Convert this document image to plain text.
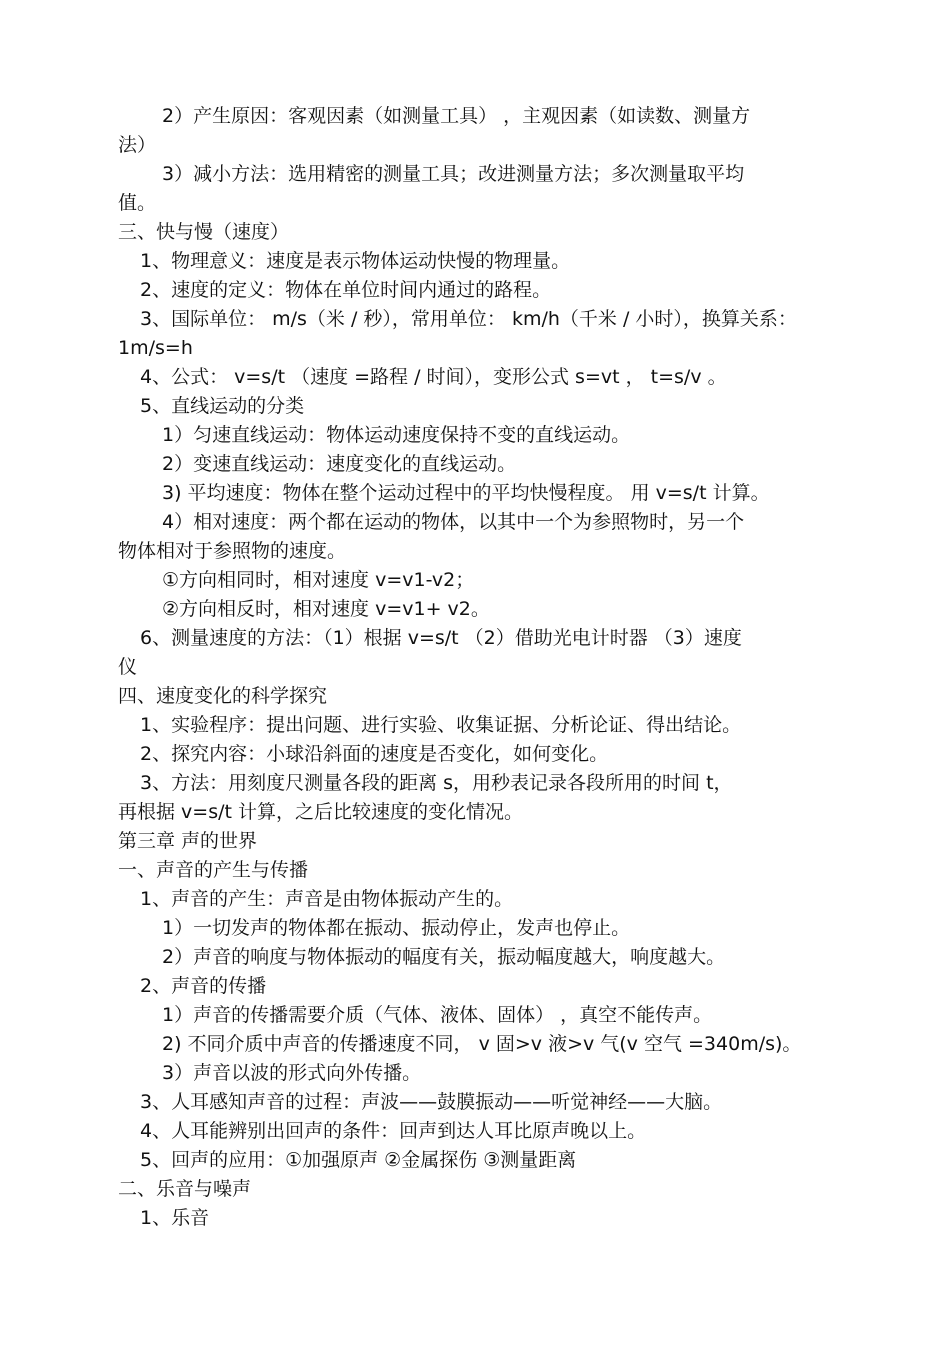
2）产生原因：客观因素（如测量工具） ，主观因素（如读数、测量方
法）
3）减小方法：选用精密的测量工具；改进测量方法；多次测量取平均
值。
三、快与慢（速度）
1、物理意义：速度是表示物体运动快慢的物理量。
2、速度的定义：物体在单位时间内通过的路程。
3、国际单位： m/s（米 / 秒），常用单位： km/h（千米 / 小时），换算关系：
1m/s=h
4、公式： v=s/t （速度 =路程 / 时间），变形公式 s=vt ， t=s/v 。
5、直线运动的分类
1）匀速直线运动：物体运动速度保持不变的直线运动。
2）变速直线运动：速度变化的直线运动。
3) 平均速度：物体在整个运动过程中的平均快慢程度。 用 v=s/t 计算。
4）相对速度：两个都在运动的物体，以其中一个为参照物时，另一个
物体相对于参照物的速度。
①方向相同时，相对速度 v=v1-v2；
②方向相反时，相对速度 v=v1+ v2。
6、测量速度的方法：（1）根据 v=s/t （2）借助光电计时器 （3）速度
仪
四、速度变化的科学探究
1、实验程序：提出问题、进行实验、收集证据、分析论证、得出结论。
2、探究内容：小球沿斜面的速度是否变化，如何变化。
3、方法：用刻度尺测量各段的距离 s，用秒表记录各段所用的时间 t，
再根据 v=s/t 计算，之后比较速度的变化情况。
第三章 声的世界
一、声音的产生与传播
1、声音的产生：声音是由物体振动产生的。
1）一切发声的物体都在振动、振动停止，发声也停止。
2）声音的响度与物体振动的幅度有关，振动幅度越大，响度越大。
2、声音的传播
1）声音的传播需要介质（气体、液体、固体） ，真空不能传声。
2) 不同介质中声音的传播速度不同， v 固>v 液>v 气(v 空气 =340m/s)。
3）声音以波的形式向外传播。
3、人耳感知声音的过程：声波——鼓膜振动——听觉神经——大脑。
4、人耳能辨别出回声的条件：回声到达人耳比原声晚以上。
5、回声的应用：①加强原声 ②金属探伤 ③测量距离
二、乐音与噪声
1、乐音
